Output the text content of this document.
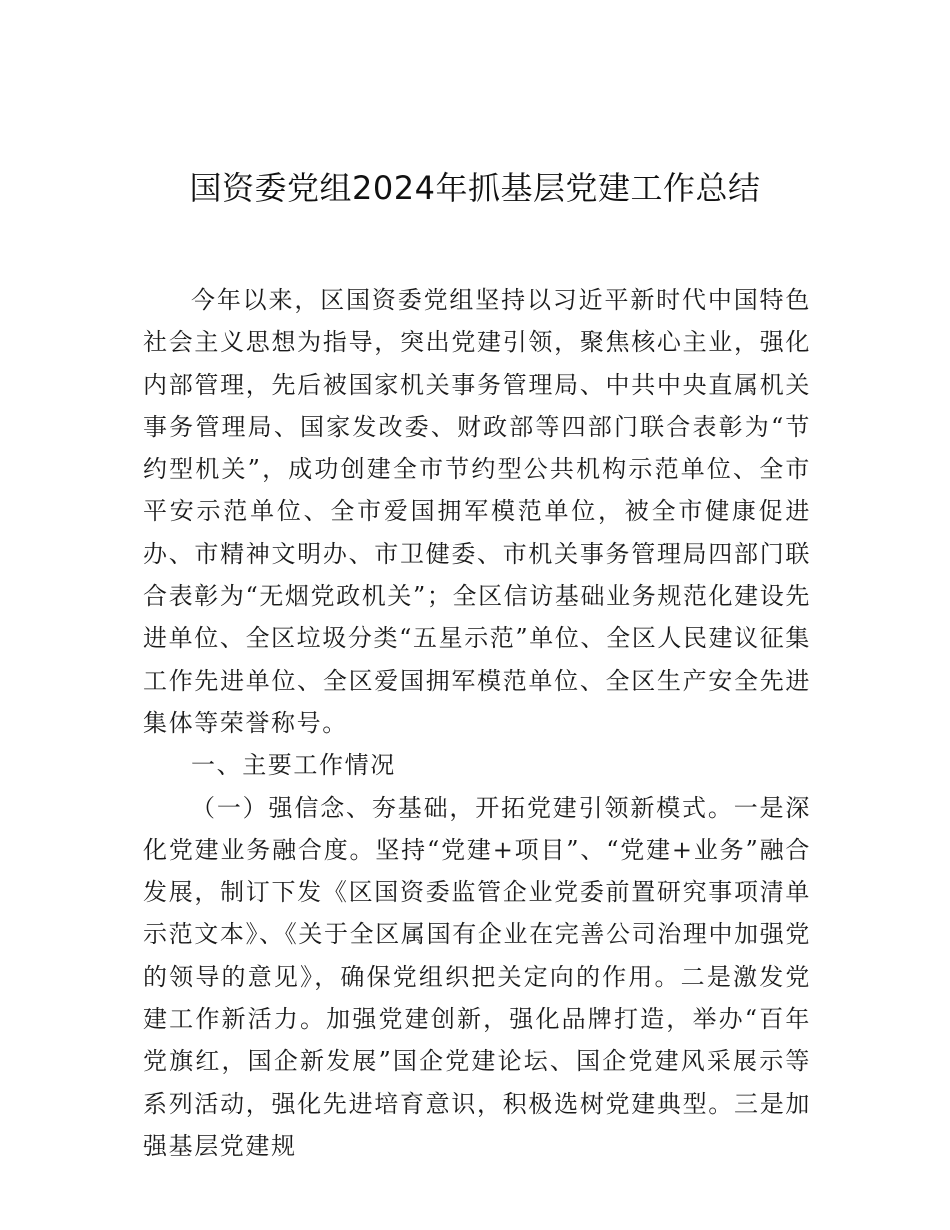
国资委党组2024年抓基层党建工作总结

今年以来，区国资委党组坚持以习近平新时代中国特色社会主义思想为指导，突出党建引领，聚焦核心主业，强化内部管理，先后被国家机关事务管理局、中共中央直属机关事务管理局、国家发改委、财政部等四部门联合表彰为“节约型机关”，成功创建全市节约型公共机构示范单位、全市平安示范单位、全市爱国拥军模范单位，被全市健康促进办、市精神文明办、市卫健委、市机关事务管理局四部门联合表彰为“无烟党政机关”；全区信访基础业务规范化建设先进单位、全区垃圾分类“五星示范”单位、全区人民建议征集工作先进单位、全区爱国拥军模范单位、全区生产安全先进集体等荣誉称号。

一、主要工作情况

（一）强信念、夯基础，开拓党建引领新模式。一是深化党建业务融合度。坚持“党建+项目”、“党建+业务”融合发展，制订下发《区国资委监管企业党委前置研究事项清单示范文本》、《关于全区属国有企业在完善公司治理中加强党的领导的意见》，确保党组织把关定向的作用。二是激发党建工作新活力。加强党建创新，强化品牌打造，举办“百年党旗红，国企新发展”国企党建论坛、国企党建风采展示等系列活动，强化先进培育意识，积极选树党建典型。三是加强基层党建规
